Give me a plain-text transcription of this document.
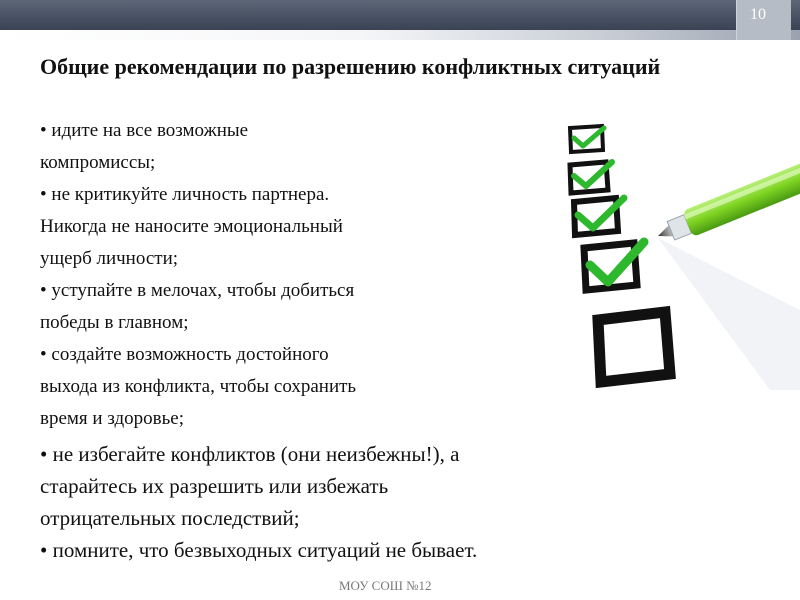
10
Общие рекомендации по разрешению конфликтных ситуаций

• идите на все возможные
компромиссы;
• не критикуйте личность партнера.
Никогда не наносите эмоциональный
ущерб личности;
• уступайте в мелочах, чтобы добиться
победы в главном;
• создайте возможность достойного
выхода из конфликта, чтобы сохранить
время и здоровье;

• не избегайте конфликтов (они неизбежны!), а
старайтесь их разрешить или избежать
отрицательных последствий;
• помните, что безвыходных ситуаций не бывает.

МОУ СОШ №12
